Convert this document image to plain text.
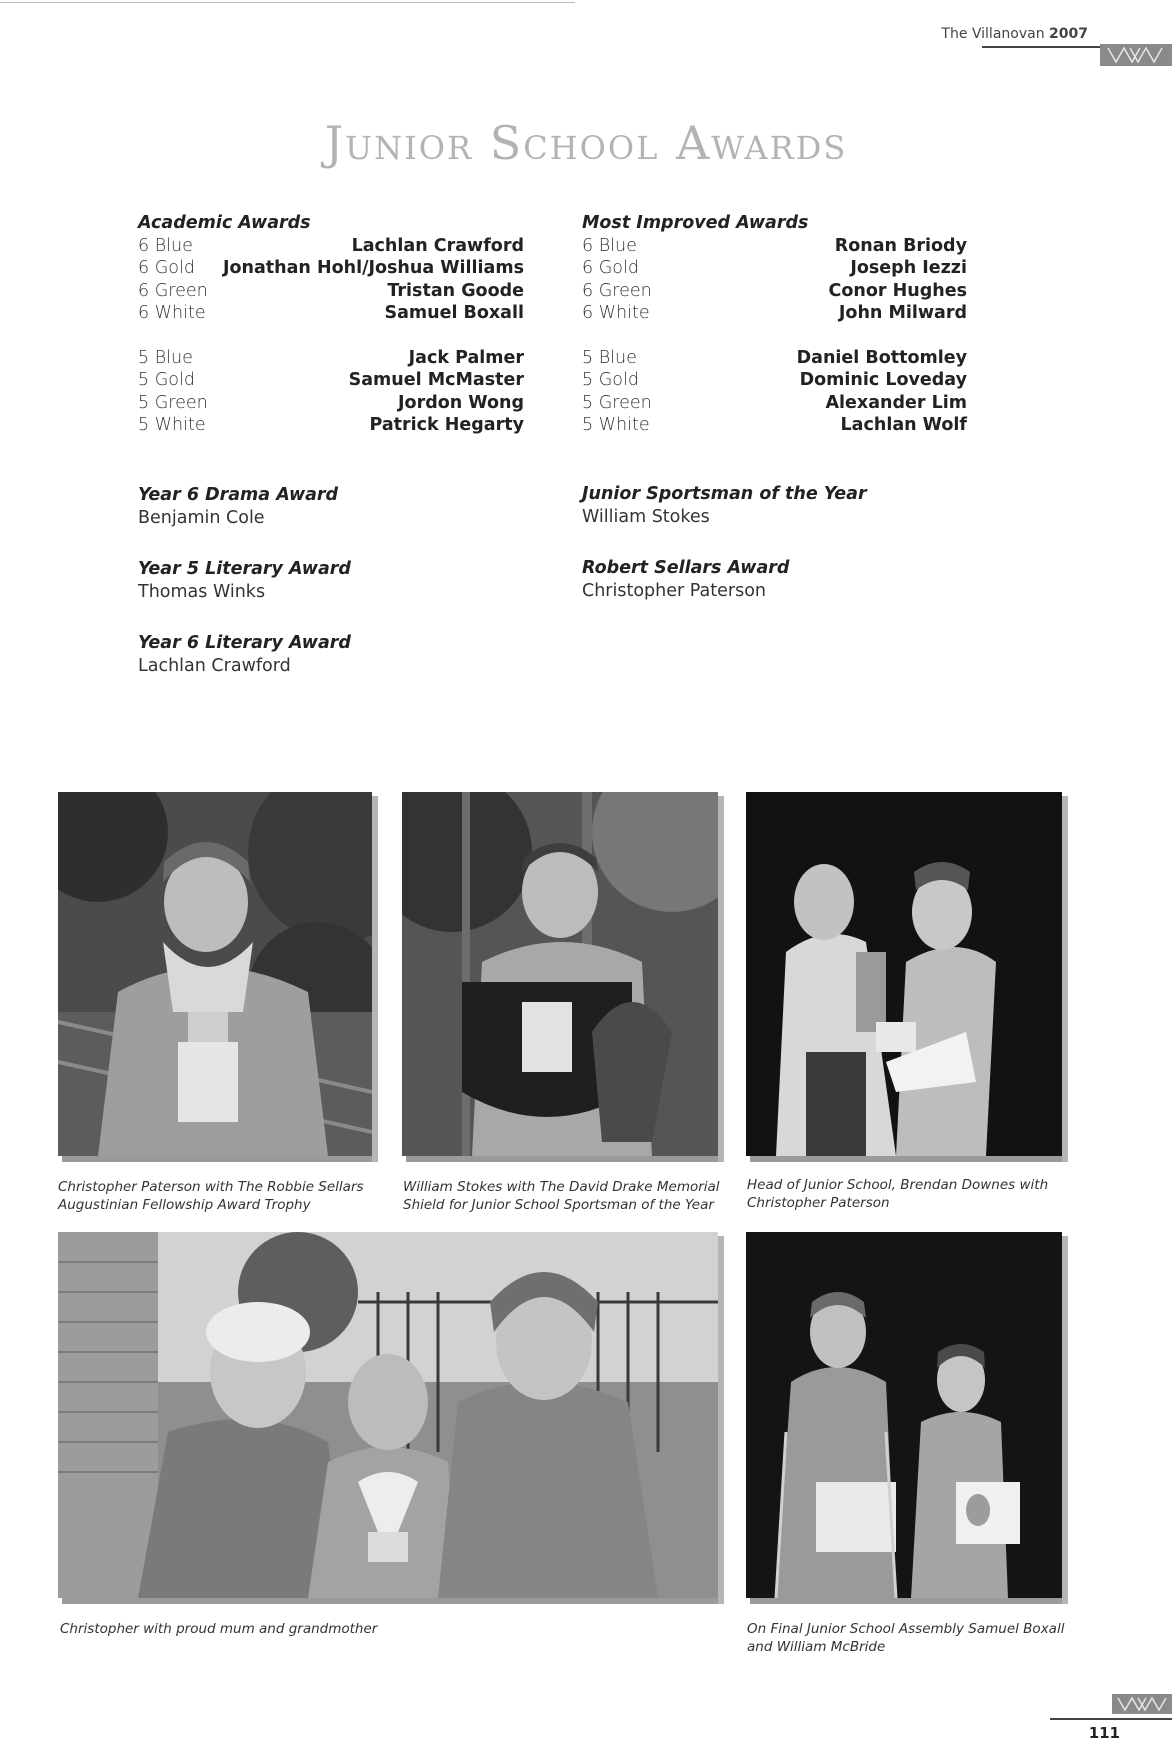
The Villanovan 2007
Junior School Awards
Academic Awards
6 Blue	Lachlan Crawford
6 Gold Jonathan Hohl/Joshua Williams
6 Green	Tristan Goode
6 White	Samuel Boxall
5 Blue	Jack Palmer
5 Gold	Samuel McMaster
5 Green	Jordon Wong
5 White	Patrick Hegarty
Most Improved Awards
6 Blue	Ronan Briody
6 Gold	Joseph Iezzi
6 Green	Conor Hughes
6 White	John Milward
5 Blue	Daniel Bottomley
5 Gold	Dominic Loveday
5 Green	Alexander Lim
5 White	Lachlan Wolf
Year 6 Drama Award
Benjamin Cole
Year 5 Literary Award
Thomas Winks
Year 6 Literary Award
Lachlan Crawford
Junior Sportsman of the Year
William Stokes
Robert Sellars Award
Christopher Paterson
Christopher Paterson with The Robbie Sellars
Augustinian Fellowship Award Trophy
William Stokes with The David Drake Memorial
Shield for Junior School Sportsman of the Year
Head of Junior School, Brendan Downes with
Christopher Paterson
Christopher with proud mum and grandmother	On Final Junior School Assembly Samuel Boxall
and William McBride
111
